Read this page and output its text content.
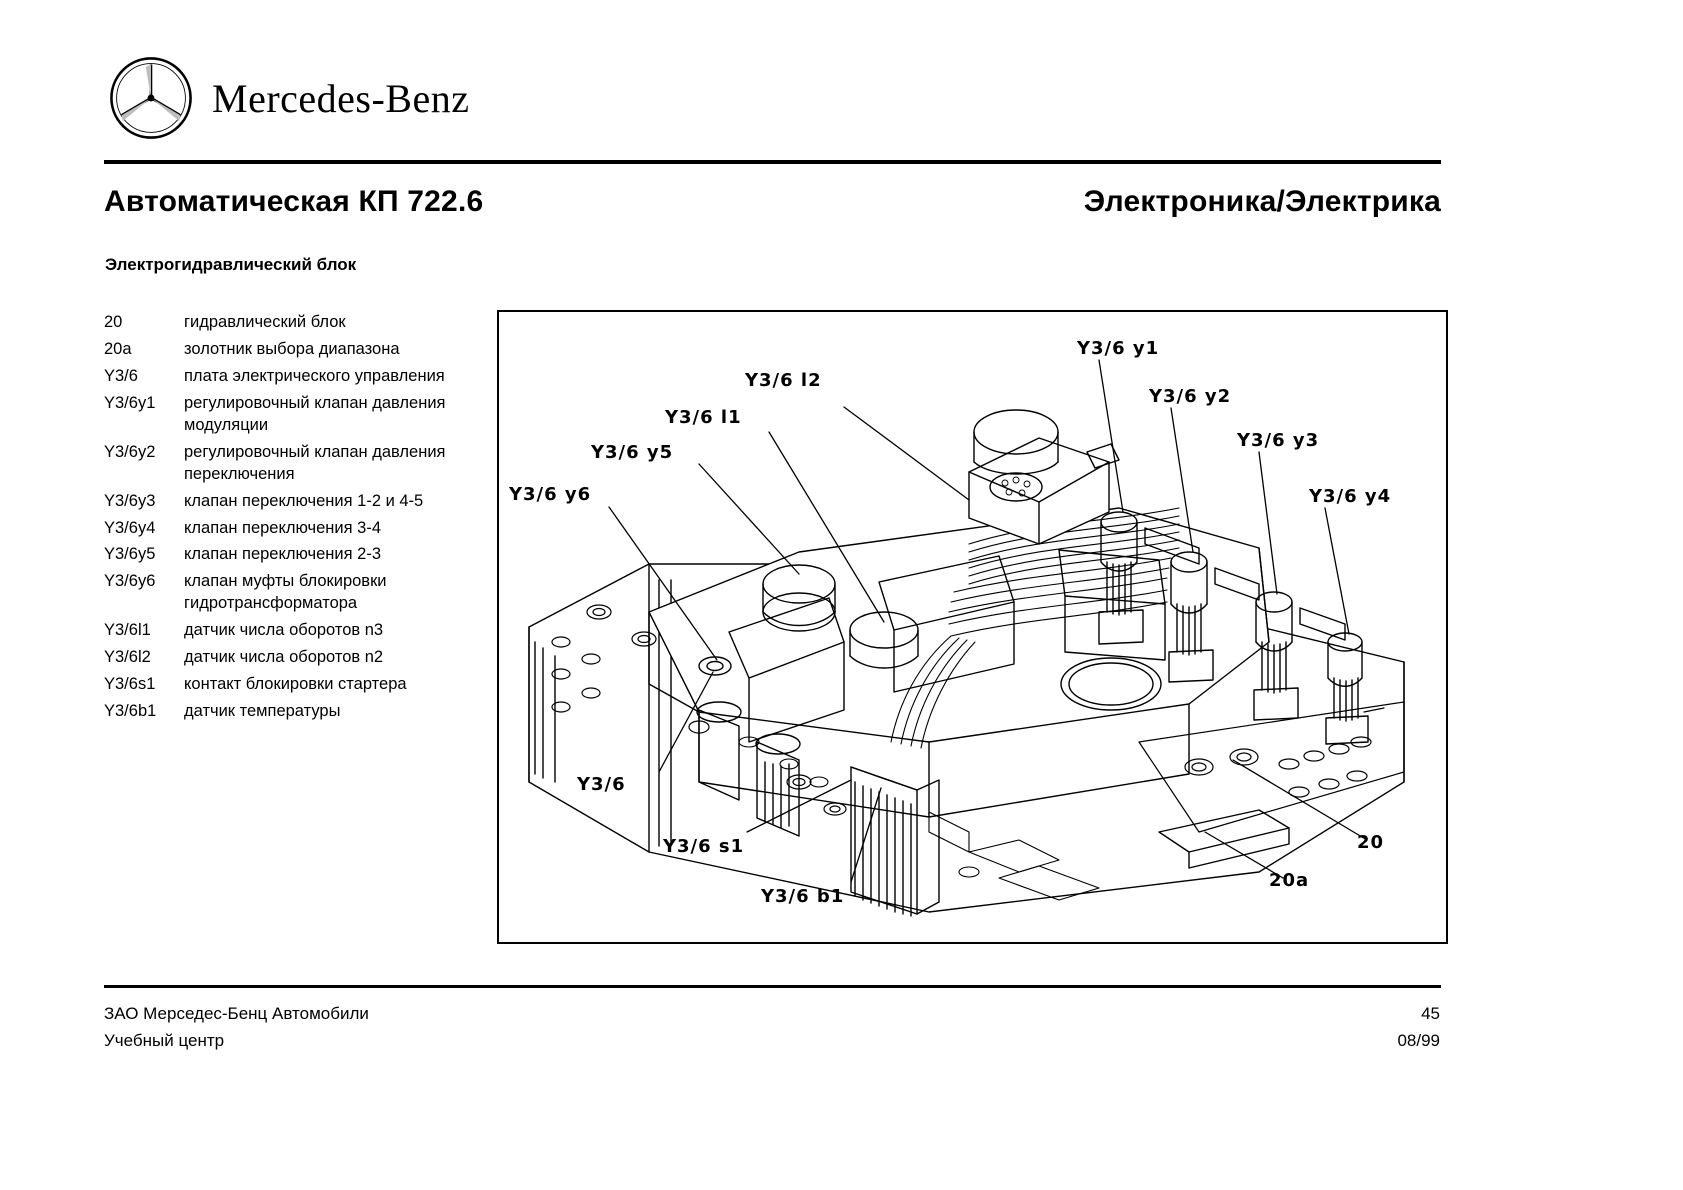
Mercedes-Benz
Автоматическая КП 722.6	Электроника/Электрика
Электрогидравлический блок
20	гидравлический блок
20a	золотник выбора диапазона
Y3/6	плата электрического управления
Y3/6y1	регулировочный клапан давления модуляции
Y3/6y2	регулировочный клапан давления переключения
Y3/6y3	клапан переключения 1-2 и 4-5
Y3/6y4	клапан переключения 3-4
Y3/6y5	клапан переключения 2-3
Y3/6y6	клапан муфты блокировки гидротрансформатора
Y3/6l1	датчик числа оборотов n3
Y3/6l2	датчик числа оборотов n2
Y3/6s1	контакт блокировки стартера
Y3/6b1	датчик температуры
Y3/6 l2
Y3/6 l1
Y3/6 y5
Y3/6 y6
Y3/6 y1
Y3/6 y2
Y3/6 y3
Y3/6 y4
Y3/6
Y3/6 s1
Y3/6 b1
20
20a
ЗАО Мерседес-Бенц Автомобили
Учебный центр
45
08/99
